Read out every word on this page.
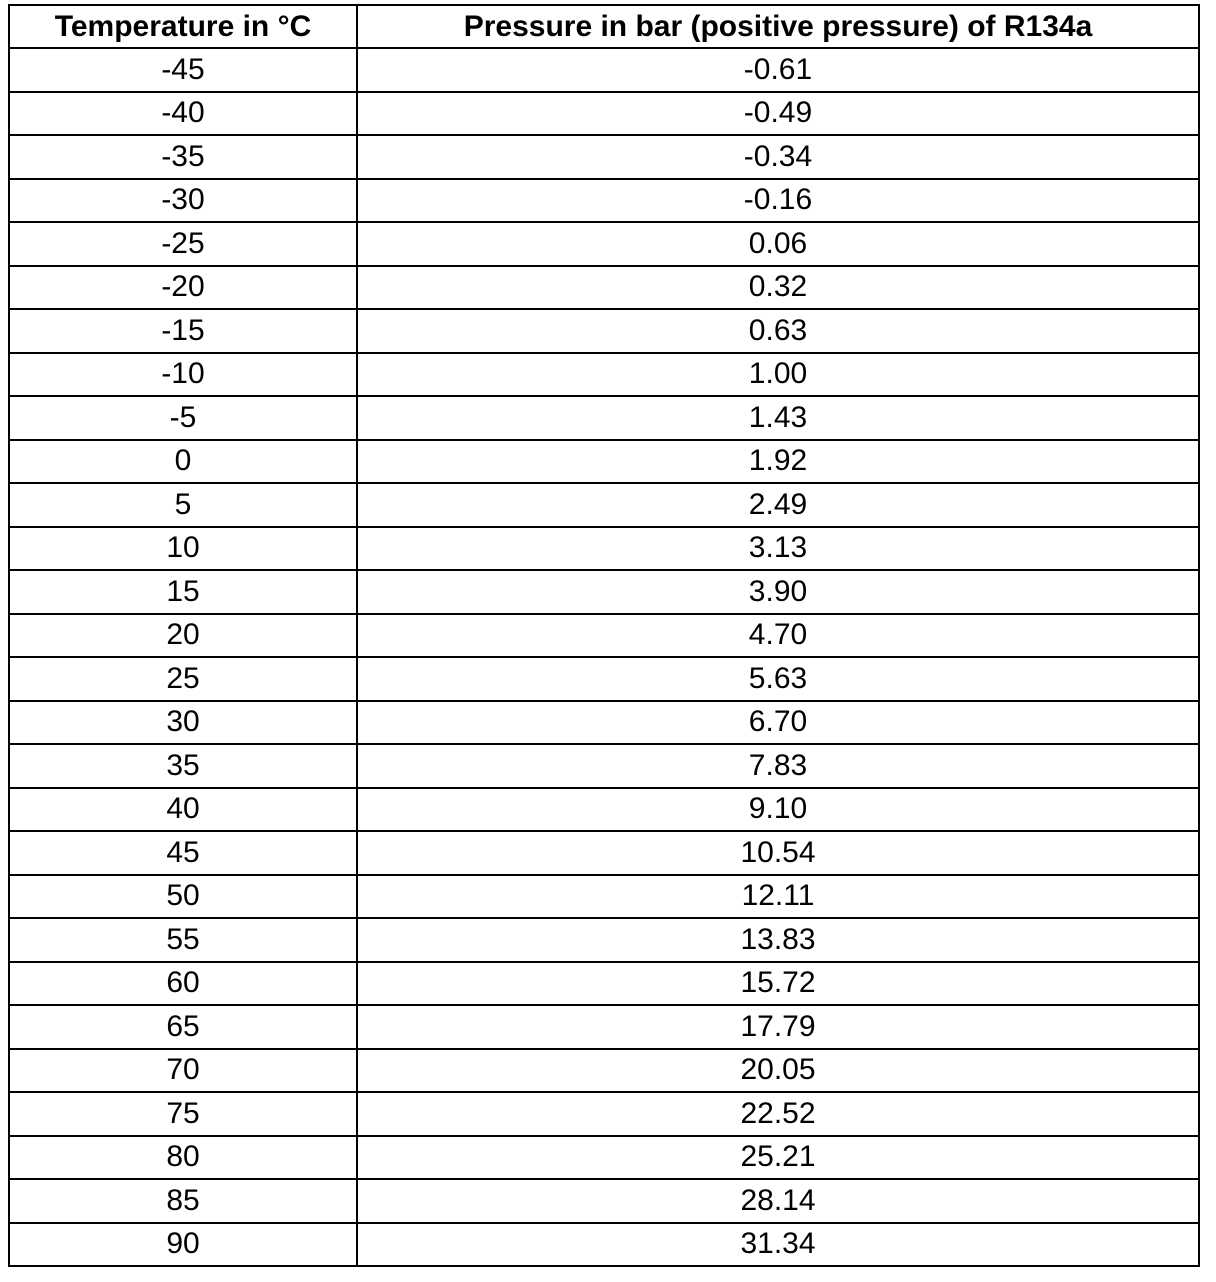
Temperature in °C	Pressure in bar (positive pressure) of R134a
-45	-0.61
-40	-0.49
-35	-0.34
-30	-0.16
-25	0.06
-20	0.32
-15	0.63
-10	1.00
-5	1.43
0	1.92
5	2.49
10	3.13
15	3.90
20	4.70
25	5.63
30	6.70
35	7.83
40	9.10
45	10.54
50	12.11
55	13.83
60	15.72
65	17.79
70	20.05
75	22.52
80	25.21
85	28.14
90	31.34
